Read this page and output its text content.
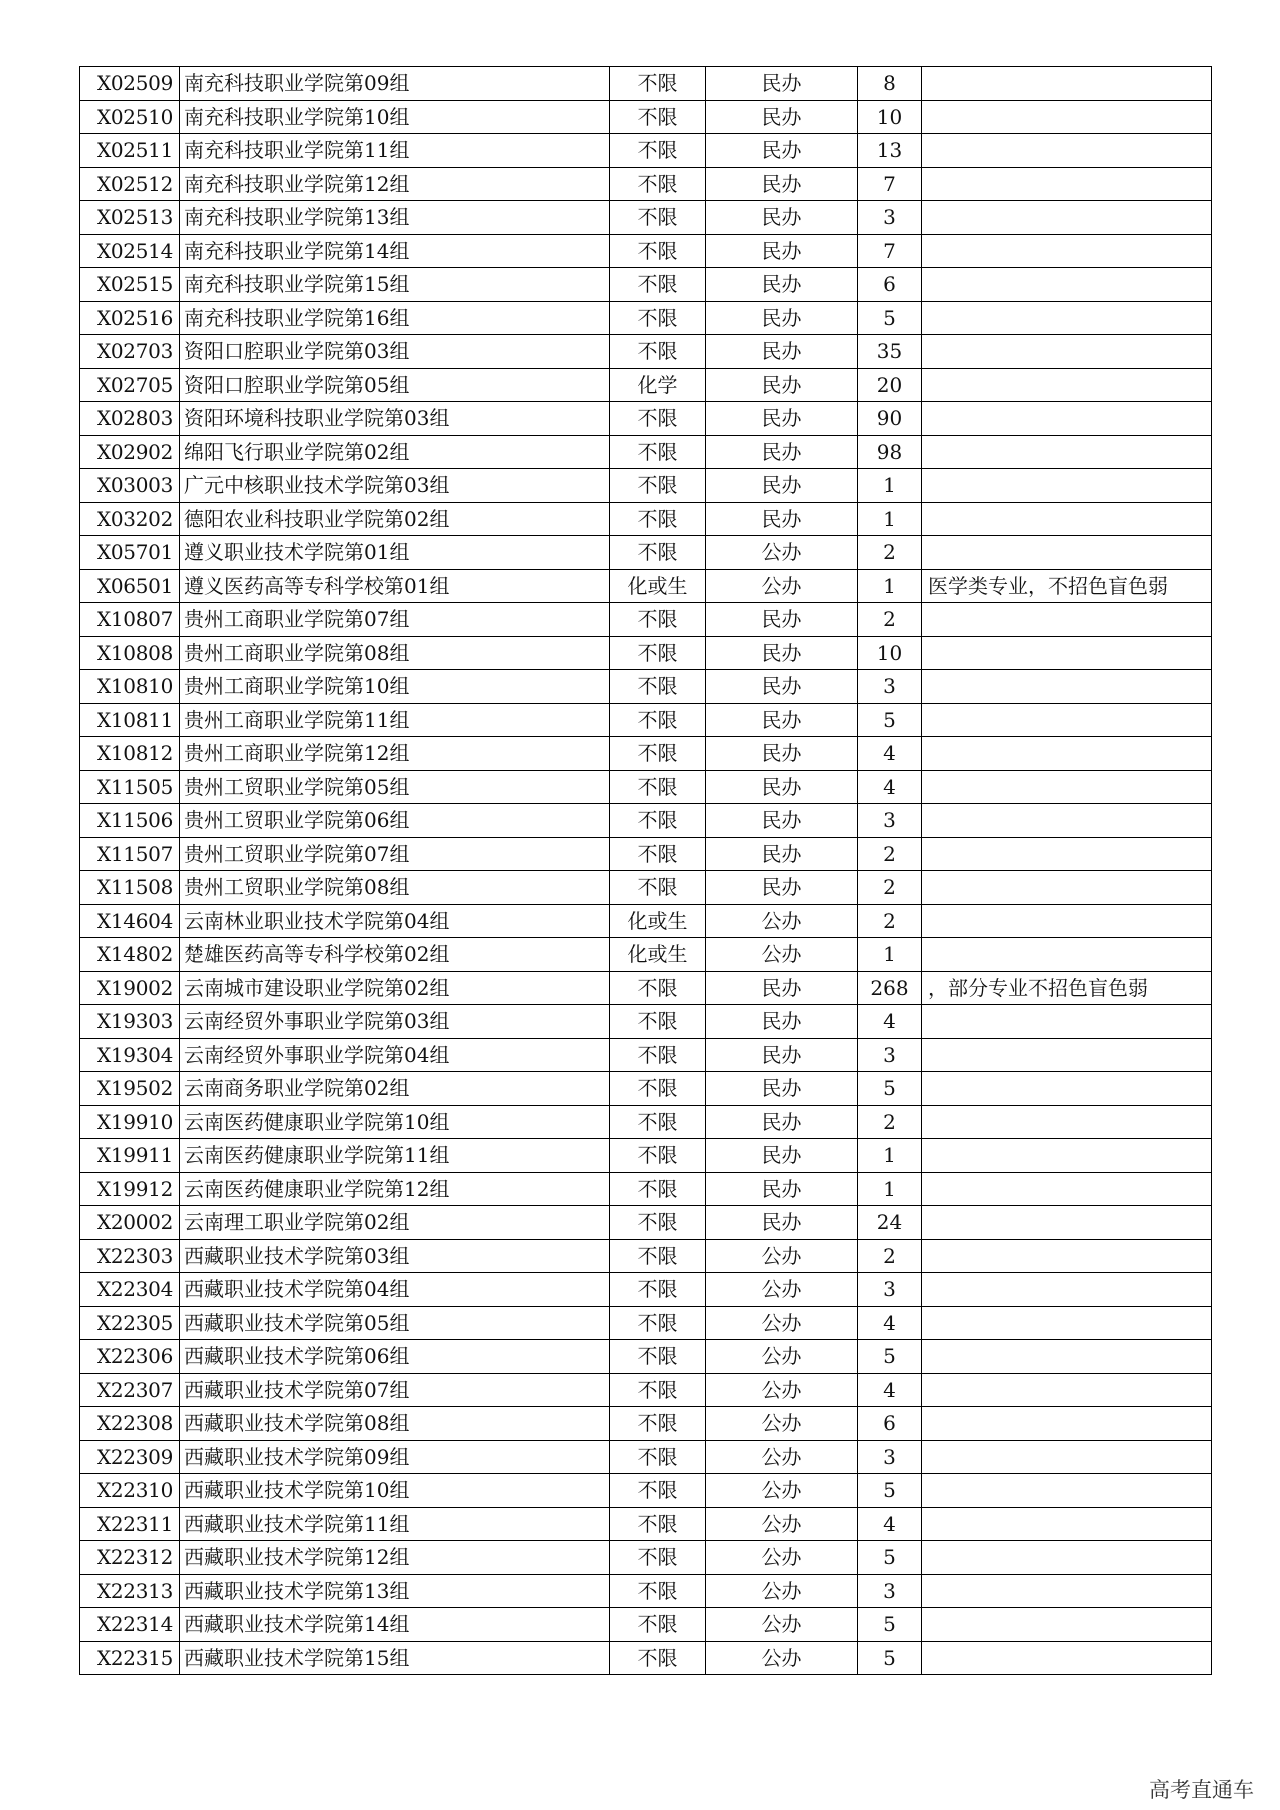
X02509	南充科技职业学院第09组	不限	民办	8	
X02510	南充科技职业学院第10组	不限	民办	10	
X02511	南充科技职业学院第11组	不限	民办	13	
X02512	南充科技职业学院第12组	不限	民办	7	
X02513	南充科技职业学院第13组	不限	民办	3	
X02514	南充科技职业学院第14组	不限	民办	7	
X02515	南充科技职业学院第15组	不限	民办	6	
X02516	南充科技职业学院第16组	不限	民办	5	
X02703	资阳口腔职业学院第03组	不限	民办	35	
X02705	资阳口腔职业学院第05组	化学	民办	20	
X02803	资阳环境科技职业学院第03组	不限	民办	90	
X02902	绵阳飞行职业学院第02组	不限	民办	98	
X03003	广元中核职业技术学院第03组	不限	民办	1	
X03202	德阳农业科技职业学院第02组	不限	民办	1	
X05701	遵义职业技术学院第01组	不限	公办	2	
X06501	遵义医药高等专科学校第01组	化或生	公办	1	医学类专业，不招色盲色弱
X10807	贵州工商职业学院第07组	不限	民办	2	
X10808	贵州工商职业学院第08组	不限	民办	10	
X10810	贵州工商职业学院第10组	不限	民办	3	
X10811	贵州工商职业学院第11组	不限	民办	5	
X10812	贵州工商职业学院第12组	不限	民办	4	
X11505	贵州工贸职业学院第05组	不限	民办	4	
X11506	贵州工贸职业学院第06组	不限	民办	3	
X11507	贵州工贸职业学院第07组	不限	民办	2	
X11508	贵州工贸职业学院第08组	不限	民办	2	
X14604	云南林业职业技术学院第04组	化或生	公办	2	
X14802	楚雄医药高等专科学校第02组	化或生	公办	1	
X19002	云南城市建设职业学院第02组	不限	民办	268	，部分专业不招色盲色弱
X19303	云南经贸外事职业学院第03组	不限	民办	4	
X19304	云南经贸外事职业学院第04组	不限	民办	3	
X19502	云南商务职业学院第02组	不限	民办	5	
X19910	云南医药健康职业学院第10组	不限	民办	2	
X19911	云南医药健康职业学院第11组	不限	民办	1	
X19912	云南医药健康职业学院第12组	不限	民办	1	
X20002	云南理工职业学院第02组	不限	民办	24	
X22303	西藏职业技术学院第03组	不限	公办	2	
X22304	西藏职业技术学院第04组	不限	公办	3	
X22305	西藏职业技术学院第05组	不限	公办	4	
X22306	西藏职业技术学院第06组	不限	公办	5	
X22307	西藏职业技术学院第07组	不限	公办	4	
X22308	西藏职业技术学院第08组	不限	公办	6	
X22309	西藏职业技术学院第09组	不限	公办	3	
X22310	西藏职业技术学院第10组	不限	公办	5	
X22311	西藏职业技术学院第11组	不限	公办	4	
X22312	西藏职业技术学院第12组	不限	公办	5	
X22313	西藏职业技术学院第13组	不限	公办	3	
X22314	西藏职业技术学院第14组	不限	公办	5	
X22315	西藏职业技术学院第15组	不限	公办	5	
高考直通车
